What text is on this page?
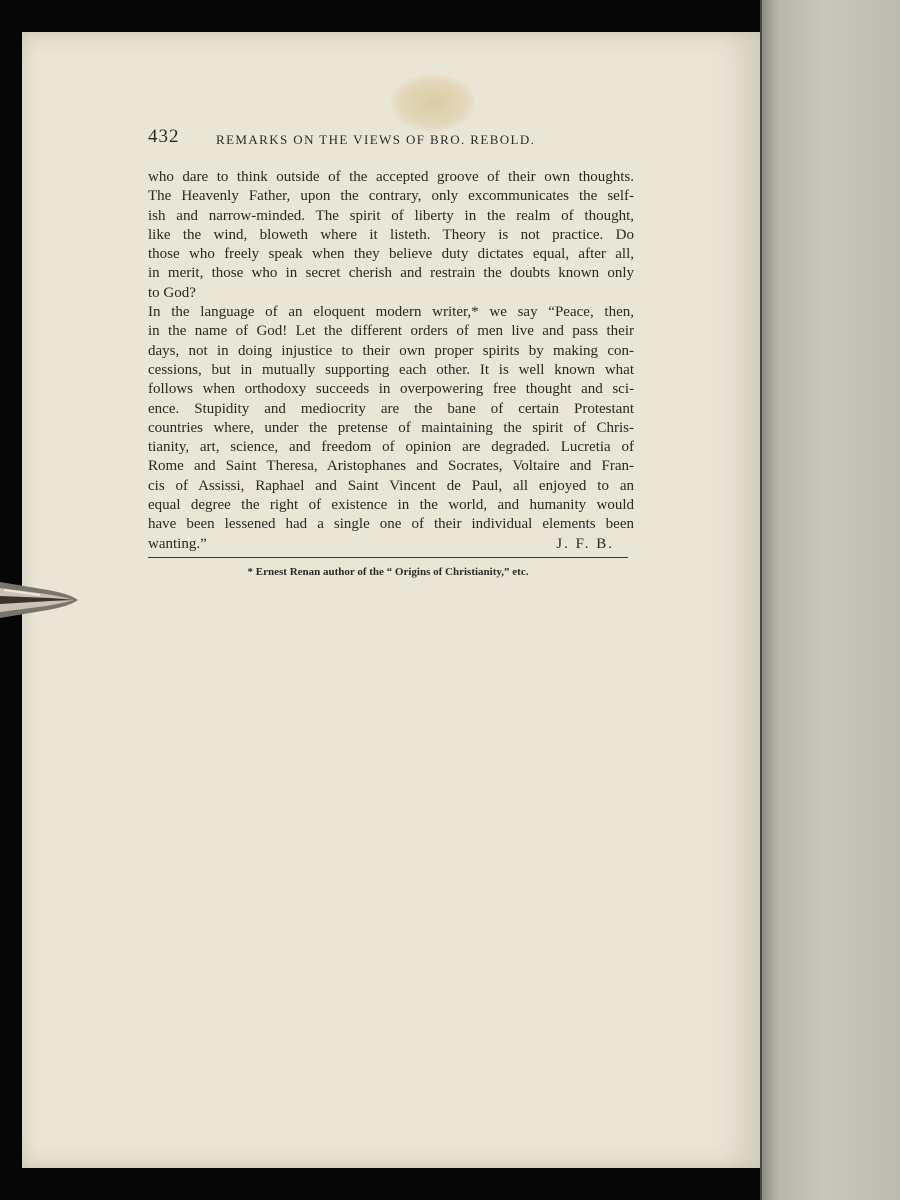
432	REMARKS ON THE VIEWS OF BRO. REBOLD.

who dare to think outside of the accepted groove of their own thoughts.
The Heavenly Father, upon the contrary, only excommunicates the self-
ish and narrow-minded. The spirit of liberty in the realm of thought,
like the wind, bloweth where it listeth. Theory is not practice. Do
those who freely speak when they believe duty dictates equal, after all,
in merit, those who in secret cherish and restrain the doubts known only
to God?

In the language of an eloquent modern writer,* we say “Peace, then,
in the name of God! Let the different orders of men live and pass their
days, not in doing injustice to their own proper spirits by making con-
cessions, but in mutually supporting each other. It is well known what
follows when orthodoxy succeeds in overpowering free thought and sci-
ence. Stupidity and mediocrity are the bane of certain Protestant
countries where, under the pretense of maintaining the spirit of Chris-
tianity, art, science, and freedom of opinion are degraded. Lucretia of
Rome and Saint Theresa, Aristophanes and Socrates, Voltaire and Fran-
cis of Assissi, Raphael and Saint Vincent de Paul, all enjoyed to an
equal degree the right of existence in the world, and humanity would
have been lessened had a single one of their individual elements been
wanting.”	J. F. B.

* Ernest Renan author of the “ Origins of Christianity,” etc.
